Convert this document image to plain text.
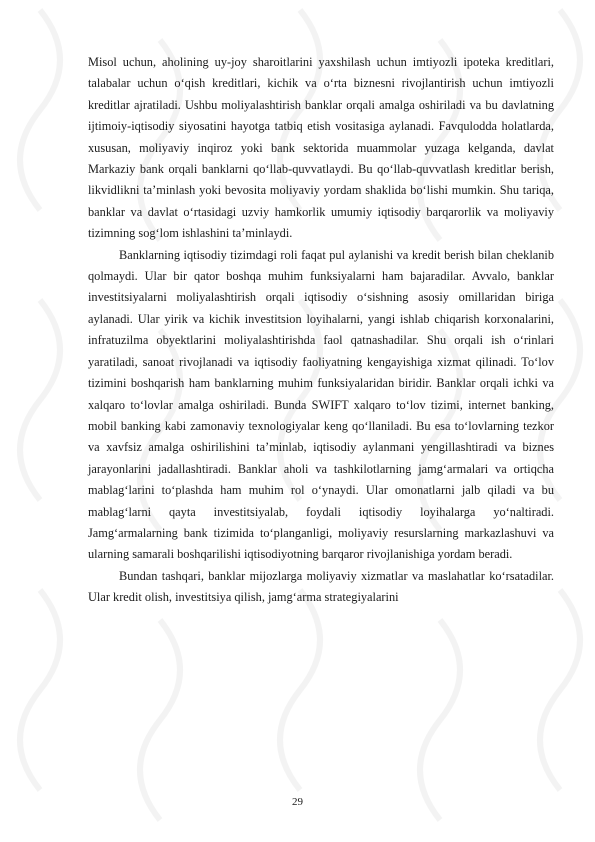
Misol uchun, aholining uy-joy sharoitlarini yaxshilash uchun imtiyozli ipoteka kreditlari, talabalar uchun o‘qish kreditlari, kichik va o‘rta biznesni rivojlantirish uchun imtiyozli kreditlar ajratiladi. Ushbu moliyalashtirish banklar orqali amalga oshiriladi va bu davlatning ijtimoiy-iqtisodiy siyosatini hayotga tatbiq etish vositasiga aylanadi. Favqulodda holatlarda, xususan, moliyaviy inqiroz yoki bank sektorida muammolar yuzaga kelganda, davlat Markaziy bank orqali banklarni qo‘llab-quvvatlaydi. Bu qo‘llab-quvvatlash kreditlar berish, likvidlikni ta’minlash yoki bevosita moliyaviy yordam shaklida bo‘lishi mumkin. Shu tariqa, banklar va davlat o‘rtasidagi uzviy hamkorlik umumiy iqtisodiy barqarorlik va moliyaviy tizimning sog‘lom ishlashini ta’minlaydi.

Banklarning iqtisodiy tizimdagi roli faqat pul aylanishi va kredit berish bilan cheklanib qolmaydi. Ular bir qator boshqa muhim funksiyalarni ham bajaradilar. Avvalo, banklar investitsiyalarni moliyalashtirish orqali iqtisodiy o‘sishning asosiy omillaridan biriga aylanadi. Ular yirik va kichik investitsion loyihalarni, yangi ishlab chiqarish korxonalarini, infratuzilma obyektlarini moliyalashtirishda faol qatnashadilar. Shu orqali ish o‘rinlari yaratiladi, sanoat rivojlanadi va iqtisodiy faoliyatning kengayishiga xizmat qilinadi. To‘lov tizimini boshqarish ham banklarning muhim funksiyalaridan biridir. Banklar orqali ichki va xalqaro to‘lovlar amalga oshiriladi. Bunda SWIFT xalqaro to‘lov tizimi, internet banking, mobil banking kabi zamonaviy texnologiyalar keng qo‘llaniladi. Bu esa to‘lovlarning tezkor va xavfsiz amalga oshirilishini ta’minlab, iqtisodiy aylanmani yengillashtiradi va biznes jarayonlarini jadallashtiradi. Banklar aholi va tashkilotlarning jamg‘armalari va ortiqcha mablag‘larini to‘plashda ham muhim rol o‘ynaydi. Ular omonatlarni jalb qiladi va bu mablag‘larni qayta investitsiyalab, foydali iqtisodiy loyihalarga yo‘naltiradi. Jamg‘armalarning bank tizimida to‘planganligi, moliyaviy resurslarning markazlashuvi va ularning samarali boshqarilishi iqtisodiyotning barqaror rivojlanishiga yordam beradi.

Bundan tashqari, banklar mijozlarga moliyaviy xizmatlar va maslahatlar ko‘rsatadilar. Ular kredit olish, investitsiya qilish, jamg‘arma strategiyalarini

29
